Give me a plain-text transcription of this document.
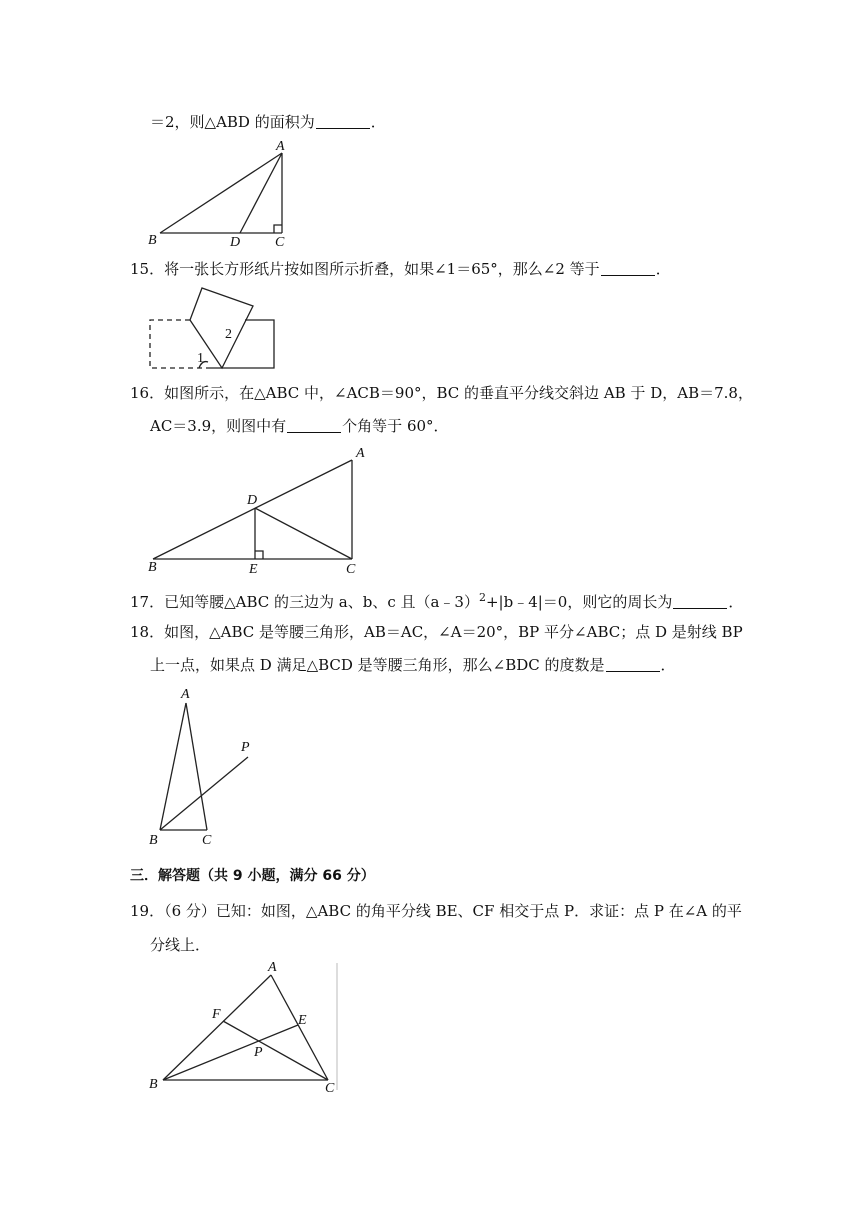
＝2，则△ABD 的面积为	．
A
B	D C
15．将一张长方形纸片按如图所示折叠，如果∠1＝65°，那么∠2 等于	．
2
1
16．如图所示，在△ABC 中，∠ACB＝90°，BC 的垂直平分线交斜边 AB 于 D，AB＝7.8，
AC＝3.9，则图中有	个角等于 60°．
A
D
B	E	C
17．已知等腰△ABC 的三边为 a、b、c 且（a﹣3）$^2$+|b﹣4|＝0，则它的周长为	．
18．如图，△ABC 是等腰三角形，AB＝AC，∠A＝20°，BP 平分∠ABC；点 D 是射线 BP
上一点，如果点 D 满足△BCD 是等腰三角形，那么∠BDC 的度数是	．
A
P
B	C
三．解答题（共 9 小题，满分 66 分）
19．（6 分）已知：如图，△ABC 的角平分线 BE、CF 相交于点 P．求证：点 P 在∠A 的平
分线上．
A
F	E
P
B	C
